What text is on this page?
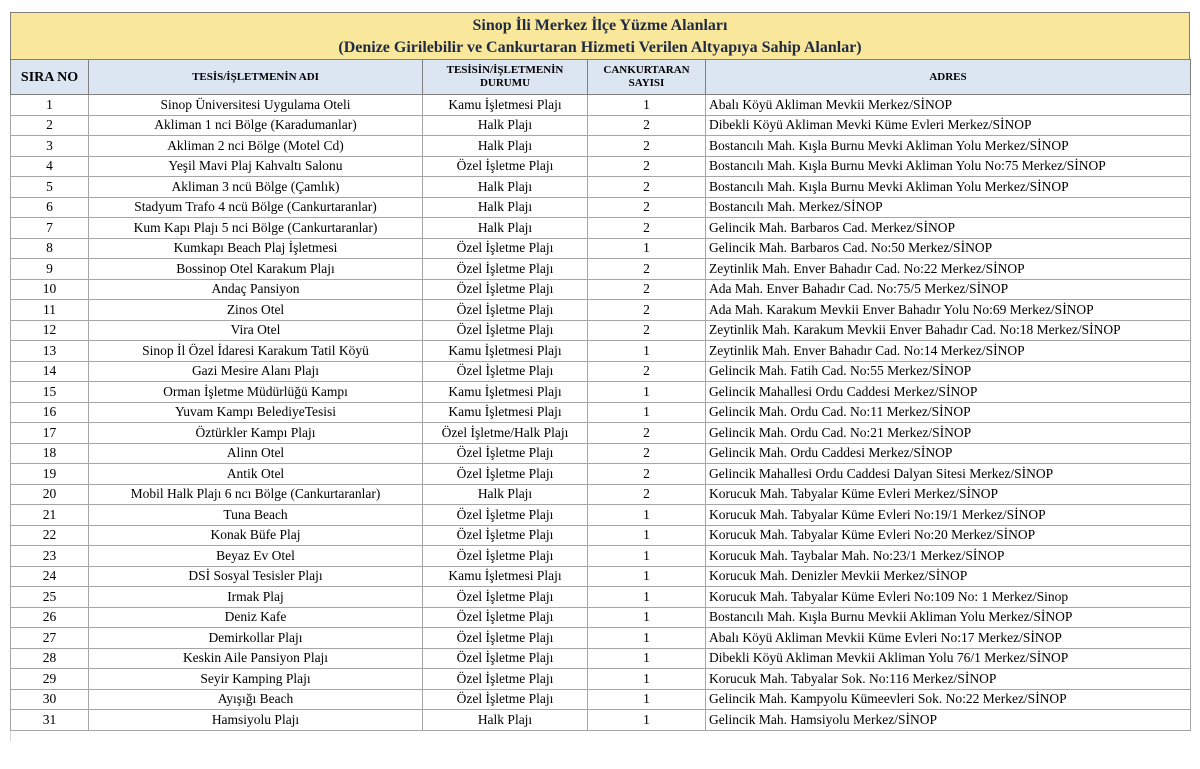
Sinop İli Merkez İlçe Yüzme Alanları
(Denize Girilebilir ve Cankurtaran Hizmeti Verilen Altyapıya Sahip Alanlar)
SIRA NO	TESİS/İŞLETMENİN ADI	TESİSİN/İŞLETMENİN DURUMU	CANKURTARAN SAYISI	ADRES
1	Sinop Üniversitesi Uygulama Oteli	Kamu İşletmesi Plajı	1	Abalı Köyü Akliman Mevkii Merkez/SİNOP
2	Akliman 1 nci Bölge (Karadumanlar)	Halk Plajı	2	Dibekli Köyü Akliman Mevki Küme Evleri Merkez/SİNOP
3	Akliman 2 nci Bölge (Motel Cd)	Halk Plajı	2	Bostancılı Mah. Kışla Burnu Mevki Akliman Yolu Merkez/SİNOP
4	Yeşil Mavi Plaj Kahvaltı Salonu	Özel İşletme Plajı	2	Bostancılı Mah. Kışla Burnu Mevki Akliman Yolu No:75 Merkez/SİNOP
5	Akliman 3 ncü Bölge (Çamlık)	Halk Plajı	2	Bostancılı Mah. Kışla Burnu Mevki Akliman Yolu Merkez/SİNOP
6	Stadyum Trafo 4 ncü Bölge (Cankurtaranlar)	Halk Plajı	2	Bostancılı Mah. Merkez/SİNOP
7	Kum Kapı Plajı 5 nci Bölge (Cankurtaranlar)	Halk Plajı	2	Gelincik Mah. Barbaros Cad. Merkez/SİNOP
8	Kumkapı Beach Plaj İşletmesi	Özel İşletme Plajı	1	Gelincik Mah. Barbaros Cad. No:50 Merkez/SİNOP
9	Bossinop Otel Karakum Plajı	Özel İşletme Plajı	2	Zeytinlik Mah. Enver Bahadır Cad. No:22 Merkez/SİNOP
10	Andaç Pansiyon	Özel İşletme Plajı	2	Ada Mah. Enver Bahadır Cad. No:75/5 Merkez/SİNOP
11	Zinos Otel	Özel İşletme Plajı	2	Ada Mah. Karakum Mevkii Enver Bahadır Yolu No:69 Merkez/SİNOP
12	Vira Otel	Özel İşletme Plajı	2	Zeytinlik Mah. Karakum Mevkii Enver Bahadır Cad. No:18 Merkez/SİNOP
13	Sinop İl Özel İdaresi Karakum Tatil Köyü	Kamu İşletmesi Plajı	1	Zeytinlik Mah. Enver Bahadır Cad. No:14 Merkez/SİNOP
14	Gazi Mesire Alanı Plajı	Özel İşletme Plajı	2	Gelincik Mah. Fatih Cad. No:55 Merkez/SİNOP
15	Orman İşletme Müdürlüğü Kampı	Kamu İşletmesi Plajı	1	Gelincik Mahallesi Ordu Caddesi Merkez/SİNOP
16	Yuvam Kampı BelediyeTesisi	Kamu İşletmesi Plajı	1	Gelincik Mah. Ordu Cad. No:11 Merkez/SİNOP
17	Öztürkler Kampı Plajı	Özel İşletme/Halk Plajı	2	Gelincik Mah. Ordu Cad. No:21 Merkez/SİNOP
18	Alinn Otel	Özel İşletme Plajı	2	Gelincik Mah. Ordu Caddesi Merkez/SİNOP
19	Antik Otel	Özel İşletme Plajı	2	Gelincik Mahallesi Ordu Caddesi Dalyan Sitesi Merkez/SİNOP
20	Mobil Halk Plajı 6 ncı Bölge (Cankurtaranlar)	Halk Plajı	2	Korucuk Mah. Tabyalar Küme Evleri Merkez/SİNOP
21	Tuna Beach	Özel İşletme Plajı	1	Korucuk Mah. Tabyalar Küme Evleri No:19/1 Merkez/SİNOP
22	Konak Büfe Plaj	Özel İşletme Plajı	1	Korucuk Mah. Tabyalar Küme Evleri No:20 Merkez/SİNOP
23	Beyaz Ev Otel	Özel İşletme Plajı	1	Korucuk Mah. Taybalar Mah. No:23/1 Merkez/SİNOP
24	DSİ Sosyal Tesisler Plajı	Kamu İşletmesi Plajı	1	Korucuk Mah. Denizler Mevkii Merkez/SİNOP
25	Irmak Plaj	Özel İşletme Plajı	1	Korucuk Mah. Tabyalar Küme Evleri No:109 No: 1 Merkez/Sinop
26	Deniz Kafe	Özel İşletme Plajı	1	Bostancılı Mah. Kışla Burnu Mevkii Akliman Yolu Merkez/SİNOP
27	Demirkollar Plajı	Özel İşletme Plajı	1	Abalı Köyü Akliman Mevkii Küme Evleri No:17 Merkez/SİNOP
28	Keskin Aile Pansiyon Plajı	Özel İşletme Plajı	1	Dibekli Köyü Akliman Mevkii Akliman Yolu 76/1 Merkez/SİNOP
29	Seyir Kamping Plajı	Özel İşletme Plajı	1	Korucuk Mah. Tabyalar Sok. No:116 Merkez/SİNOP
30	Ayışığı Beach	Özel İşletme Plajı	1	Gelincik Mah. Kampyolu Kümeevleri Sok. No:22 Merkez/SİNOP
31	Hamsiyolu Plajı	Halk Plajı	1	Gelincik Mah. Hamsiyolu Merkez/SİNOP
